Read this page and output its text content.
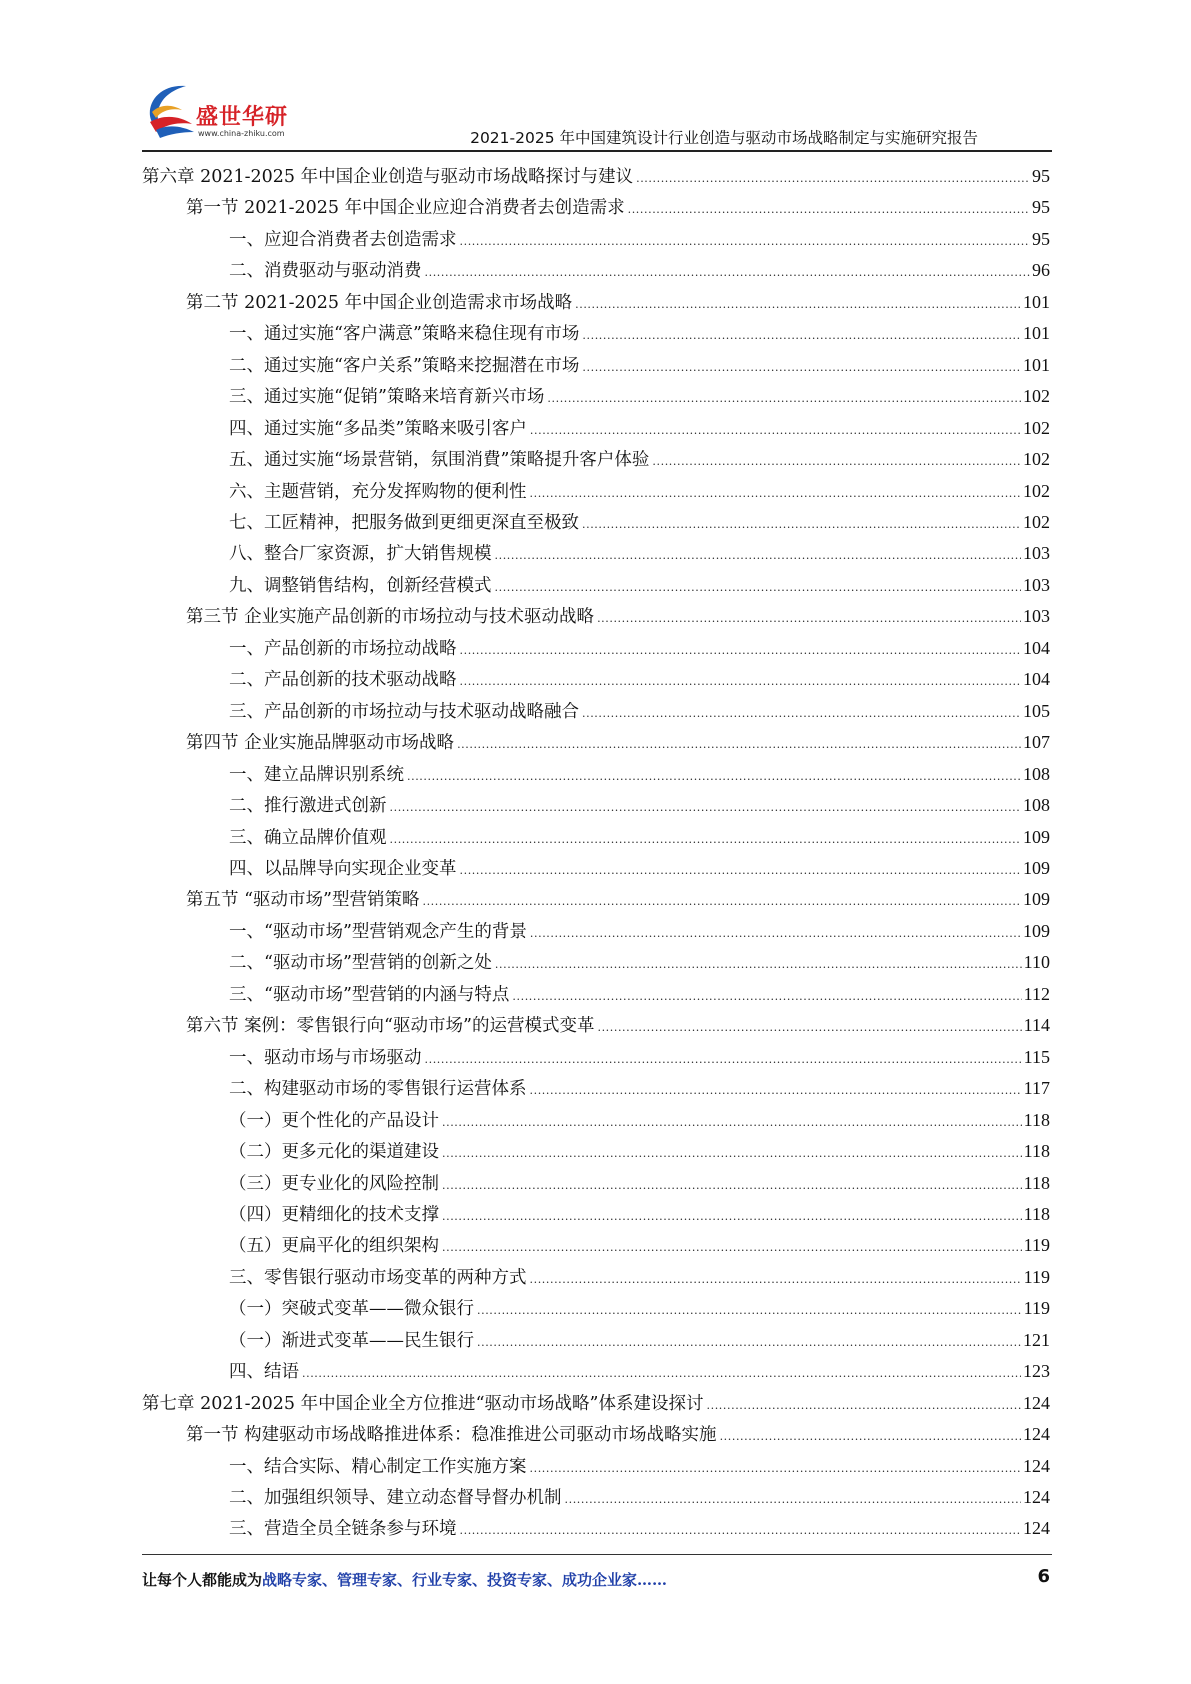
盛世华研
www.china-zhiku.com	2021-2025 年中国建筑设计行业创造与驱动市场战略制定与实施研究报告
第六章 2021-2025 年中国企业创造与驱动市场战略探讨与建议 .....	95
第一节 2021-2025 年中国企业应迎合消费者去创造需求 .....	95
一、应迎合消费者去创造需求 .....	95
二、消费驱动与驱动消费 .....	96
第二节 2021-2025 年中国企业创造需求市场战略 .....	101
一、通过实施“客户满意”策略来稳住现有市场 .....	101
二、通过实施“客户关系”策略来挖掘潜在市场 .....	101
三、通过实施“促销”策略来培育新兴市场 .....	102
四、通过实施“多品类”策略来吸引客户 .....	102
五、通过实施“场景营销，氛围消費”策略提升客户体验 .....	102
六、主题营销，充分发挥购物的便利性 .....	102
七、工匠精神，把服务做到更细更深直至极致 .....	102
八、整合厂家资源，扩大销售规模 .....	103
九、调整销售结构，创新经营模式 .....	103
第三节 企业实施产品创新的市场拉动与技术驱动战略 .....	103
一、产品创新的市场拉动战略 .....	104
二、产品创新的技术驱动战略 .....	104
三、产品创新的市场拉动与技术驱动战略融合 .....	105
第四节 企业实施品牌驱动市场战略 .....	107
一、建立品牌识别系统 .....	108
二、推行激进式创新 .....	108
三、确立品牌价值观 .....	109
四、以品牌导向实现企业变革 .....	109
第五节 “驱动市场”型营销策略 .....	109
一、“驱动市场”型营销观念产生的背景 .....	109
二、“驱动市场”型营销的创新之处 .....	110
三、“驱动市场”型营销的内涵与特点 .....	112
第六节 案例：零售银行向“驱动市场”的运营模式变革 .....	114
一、驱动市场与市场驱动 .....	115
二、构建驱动市场的零售银行运营体系 .....	117
（一）更个性化的产品设计 .....	118
（二）更多元化的渠道建设 .....	118
（三）更专业化的风险控制 .....	118
（四）更精细化的技术支撑 .....	118
（五）更扁平化的组织架构 .....	119
三、零售银行驱动市场变革的两种方式 .....	119
（一）突破式变革——微众银行 .....	119
（一）渐进式变革——民生银行 .....	121
四、结语 .....	123
第七章 2021-2025 年中国企业全方位推进“驱动市场战略”体系建设探讨 .....	124
第一节 构建驱动市场战略推进体系：稳准推进公司驱动市场战略实施 .....	124
一、结合实际、精心制定工作实施方案 .....	124
二、加强组织领导、建立动态督导督办机制 .....	124
三、营造全员全链条参与环境 .....	124
让每个人都能成为战略专家、管理专家、行业专家、投资专家、成功企业家……	6
